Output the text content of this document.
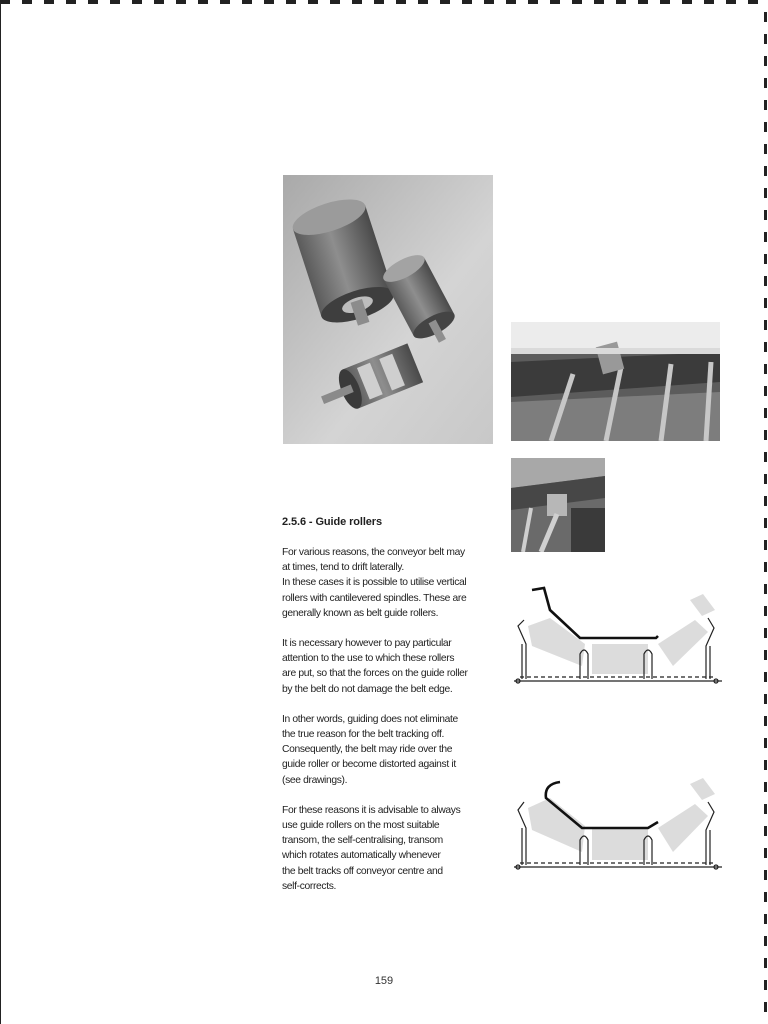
2.5.6 - Guide rollers

For various reasons, the conveyor belt may
at times, tend to drift laterally.
In these cases it is possible to utilise vertical
rollers with cantilevered spindles. These are
generally known as belt guide rollers.

It is necessary however to pay particular
attention to the use to which these rollers
are put, so that the forces on the guide roller
by the belt do not damage the belt edge.

In other words, guiding does not eliminate
the true reason for the belt tracking off.
Consequently, the belt may ride over the
guide roller or become distorted against it
(see drawings).

For these reasons it is advisable to always
use guide rollers on the most suitable
transom, the self-centralising, transom
which rotates automatically whenever
the belt tracks off conveyor centre and
self-corrects.

159
